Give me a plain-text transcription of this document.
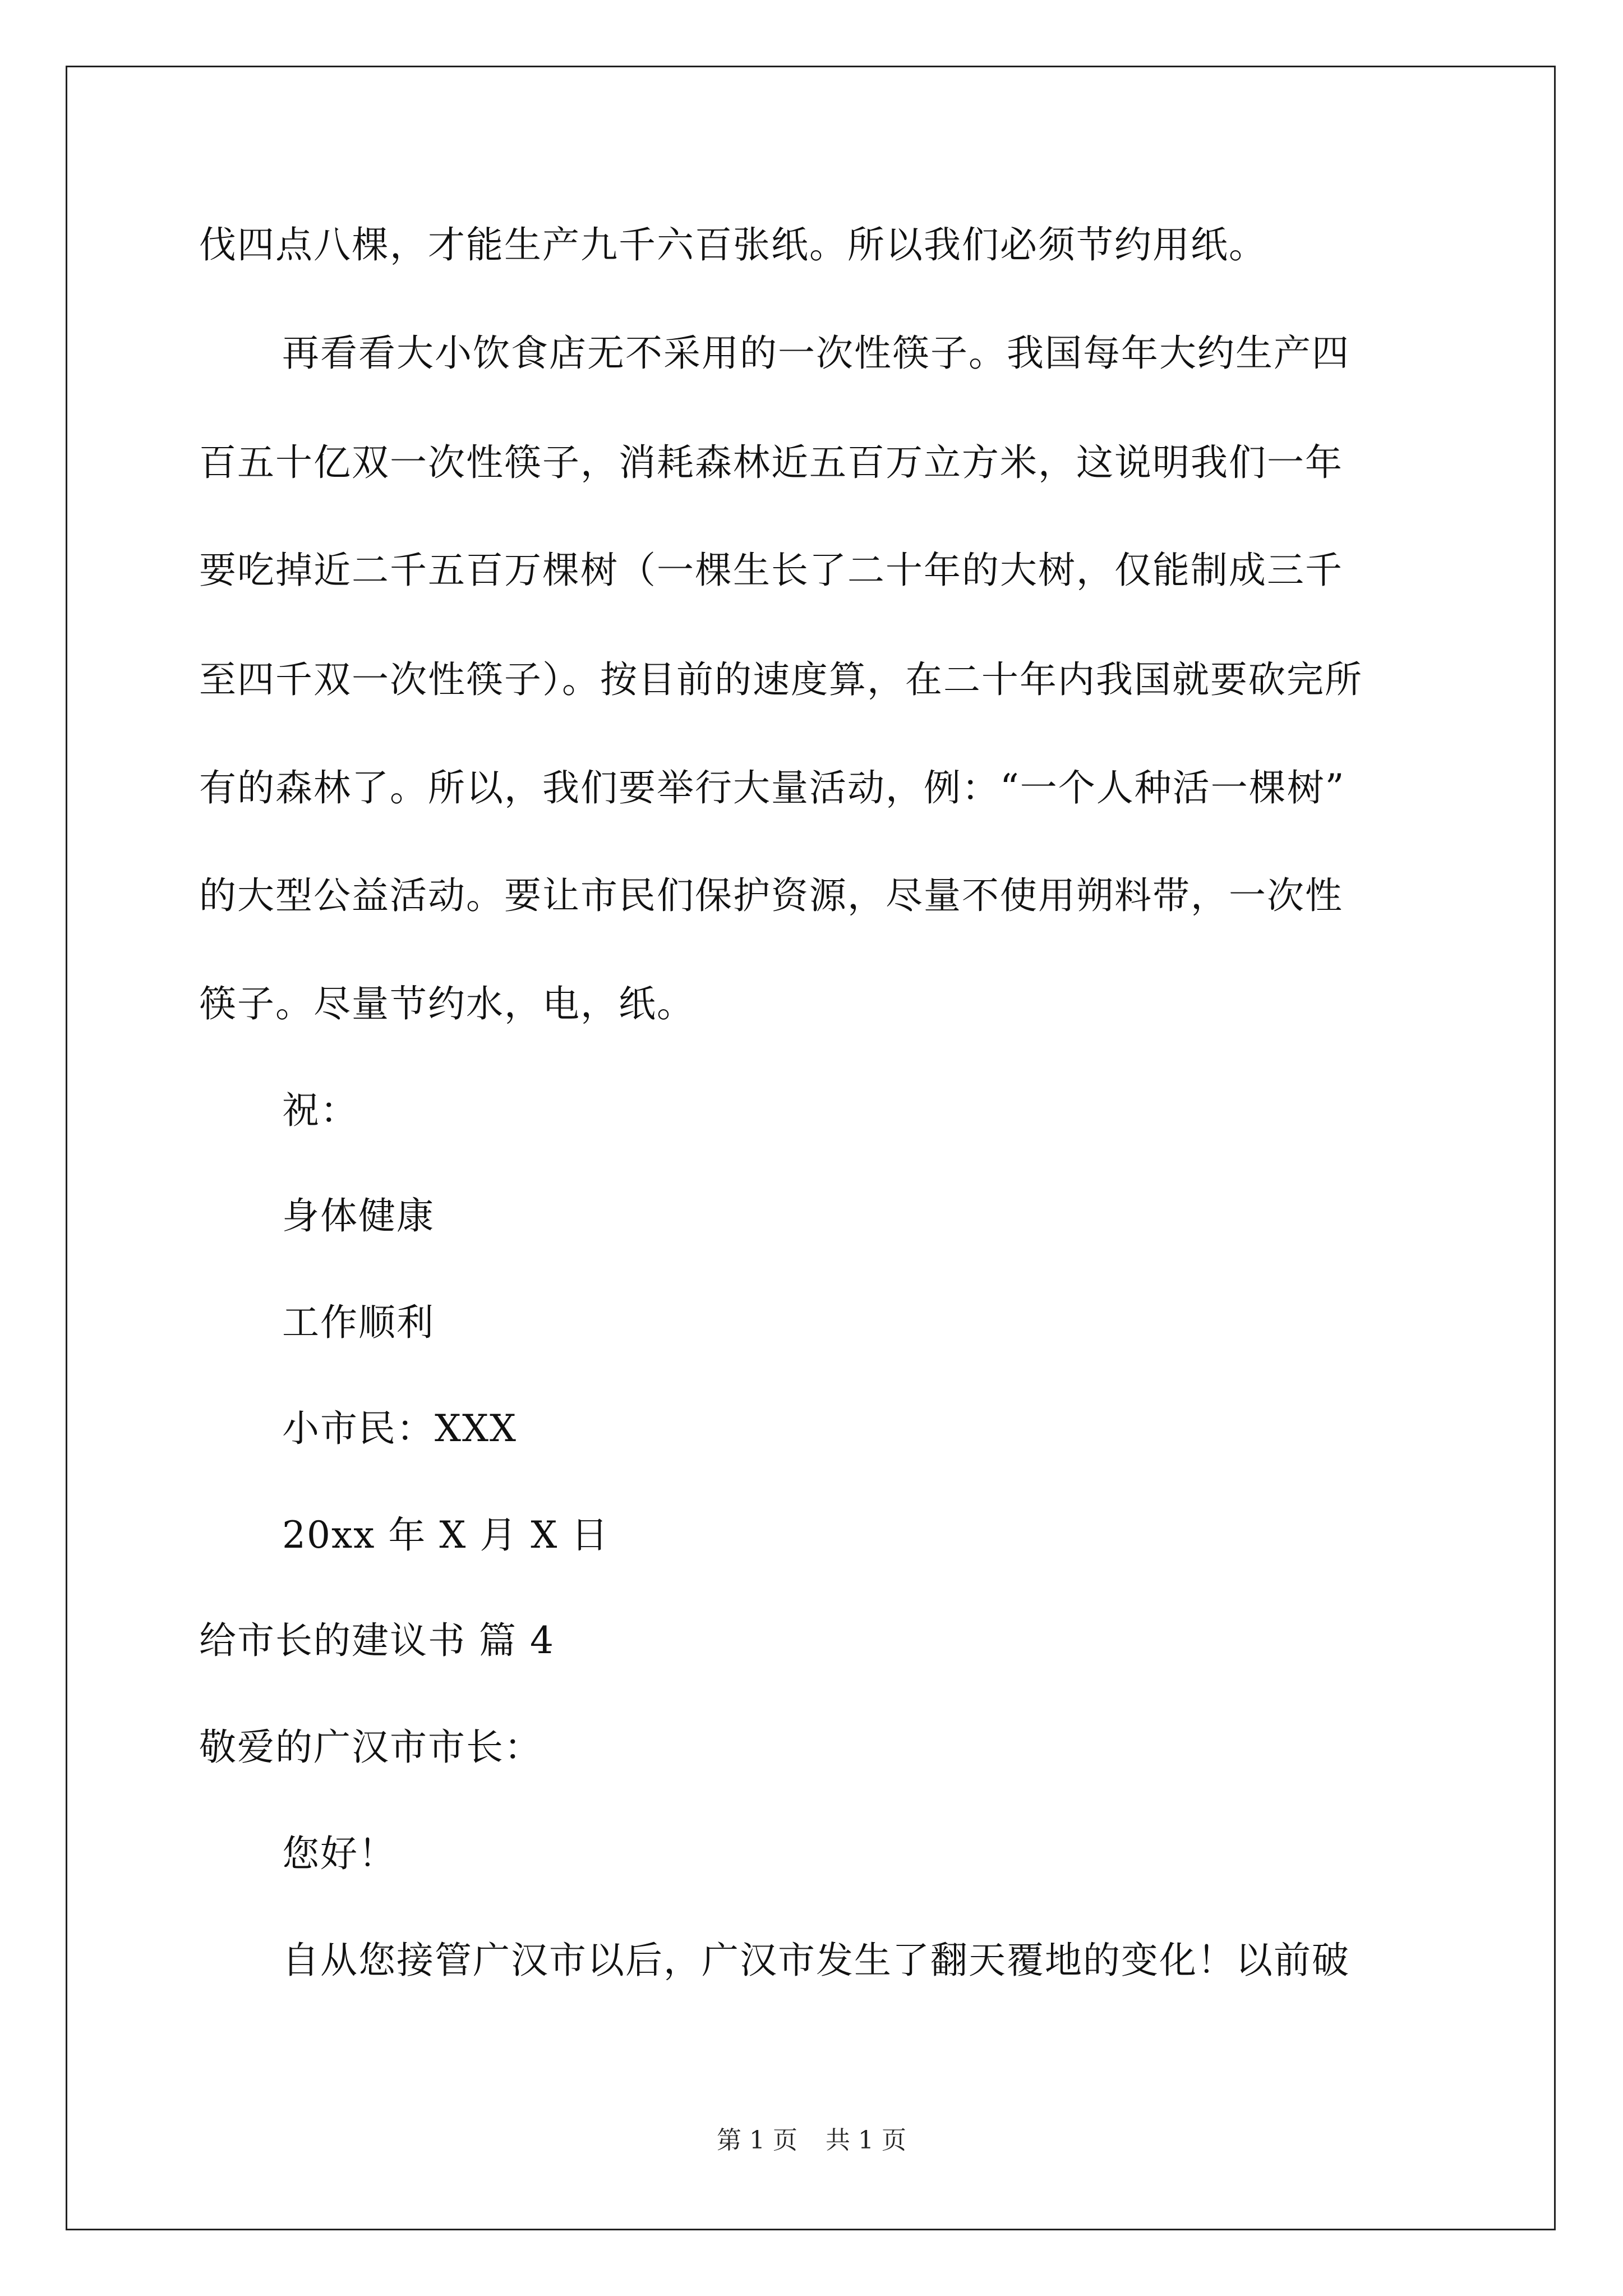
伐四点八棵，才能生产九千六百张纸。所以我们必须节约用纸。
再看看大小饮食店无不采用的一次性筷子。我国每年大约生产四
百五十亿双一次性筷子，消耗森林近五百万立方米，这说明我们一年
要吃掉近二千五百万棵树（一棵生长了二十年的大树，仅能制成三千
至四千双一次性筷子）。按目前的速度算，在二十年内我国就要砍完所
有的森林了。所以，我们要举行大量活动，例：“一个人种活一棵树”
的大型公益活动。要让市民们保护资源，尽量不使用朔料带，一次性
筷子。尽量节约水，电，纸。
祝：
身体健康
工作顺利
小市民：XXX
20xx 年 X 月 X 日
给市长的建议书 篇 4
敬爱的广汉市市长：
您好！
自从您接管广汉市以后，广汉市发生了翻天覆地的变化！以前破
第 1 页 共 1 页
